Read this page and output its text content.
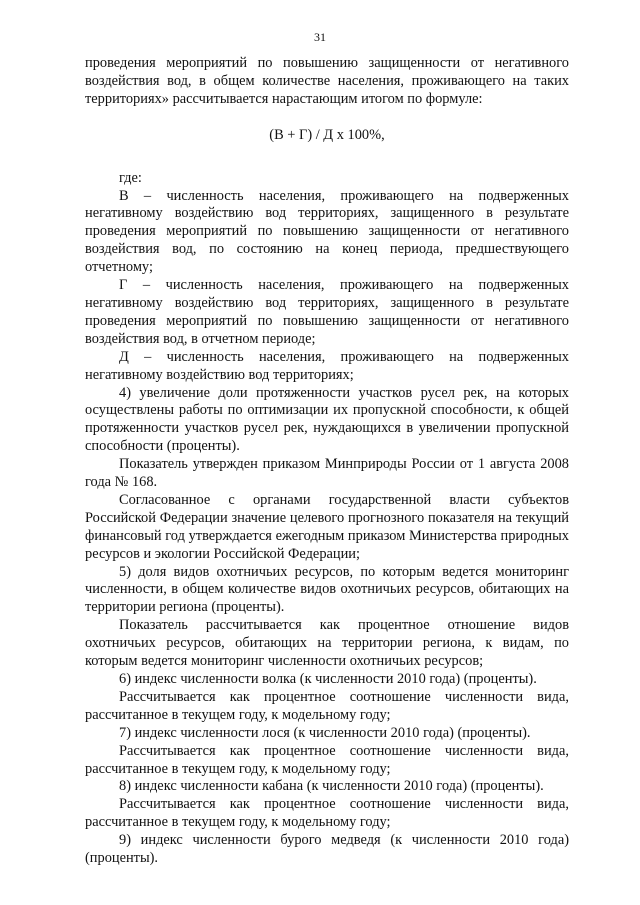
31

проведения мероприятий по повышению защищенности от негативного воздействия вод, в общем количестве населения, проживающего на таких территориях» рассчитывается нарастающим итогом по формуле:

(В + Г) / Д х 100%,

где:

В – численность населения, проживающего на подверженных негативному воздействию вод территориях, защищенного в результате проведения мероприятий по повышению защищенности от негативного воздействия вод, по состоянию на конец периода, предшествующего отчетному;

Г – численность населения, проживающего на подверженных негативному воздействию вод территориях, защищенного в результате проведения мероприятий по повышению защищенности от негативного воздействия вод, в отчетном периоде;

Д – численность населения, проживающего на подверженных негативному воздействию вод территориях;

4) увеличение доли протяженности участков русел рек, на которых осуществлены работы по оптимизации их пропускной способности, к общей протяженности участков русел рек, нуждающихся в увеличении пропускной способности (проценты).

Показатель утвержден приказом Минприроды России от 1 августа 2008 года № 168.

Согласованное с органами государственной власти субъектов Российской Федерации значение целевого прогнозного показателя на текущий финансовый год утверждается ежегодным приказом Министерства природных ресурсов и экологии Российской Федерации;

5) доля видов охотничьих ресурсов, по которым ведется мониторинг численности, в общем количестве видов охотничьих ресурсов, обитающих на территории региона (проценты).

Показатель рассчитывается как процентное отношение видов охотничьих ресурсов, обитающих на территории региона, к видам, по которым ведется мониторинг численности охотничьих ресурсов;

6) индекс численности волка (к численности 2010 года) (проценты).

Рассчитывается как процентное соотношение численности вида, рассчитанное в текущем году, к модельному году;

7) индекс численности лося (к численности 2010 года) (проценты).

Рассчитывается как процентное соотношение численности вида, рассчитанное в текущем году, к модельному году;

8) индекс численности кабана (к численности 2010 года) (проценты).

Рассчитывается как процентное соотношение численности вида, рассчитанное в текущем году, к модельному году;

9) индекс численности бурого медведя (к численности 2010 года) (проценты).
